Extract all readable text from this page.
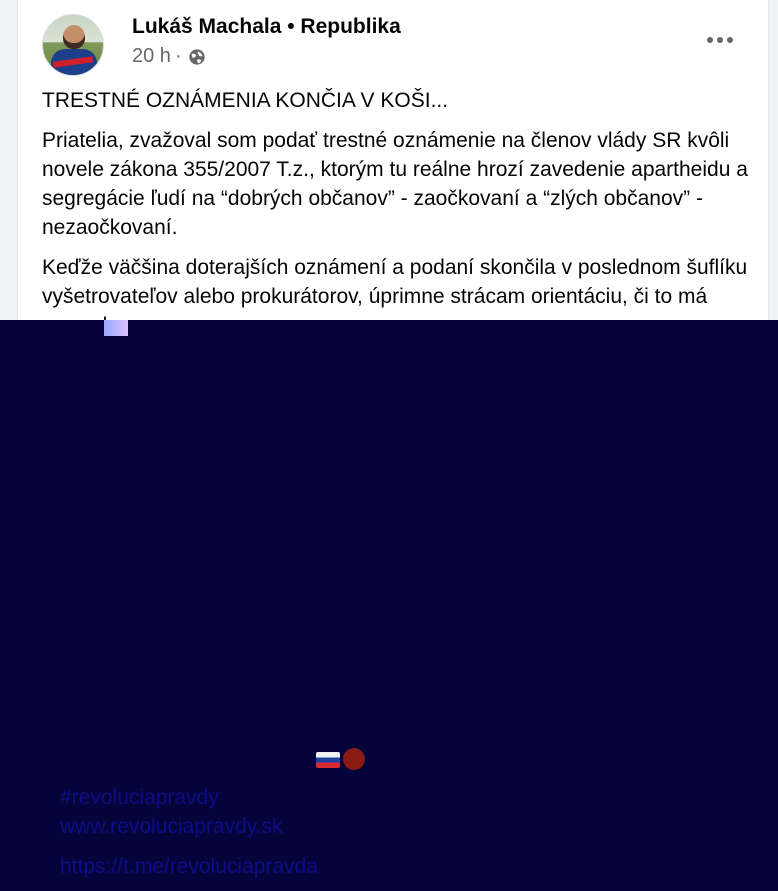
Lukáš Machala • Republika
20 h ·

TRESTNÉ OZNÁMENIA KONČIA V KOŠI...

Priatelia, zvažoval som podať trestné oznámenie na členov vlády SR kvôli novele zákona 355/2007 T.z., ktorým tu reálne hrozí zavedenie apartheidu a segregácie ľudí na “dobrých občanov” - zaočkovaní a “zlých občanov” - nezaočkovaní.

Keďže väčšina doterajších oznámení a podaní skončila v poslednom šuflíku vyšetrovateľov alebo prokurátorov, úprimne strácam orientáciu, či to má

#revoluciapravdy
www.revoluciapravdy.sk
https://t.me/revoluciapravda
